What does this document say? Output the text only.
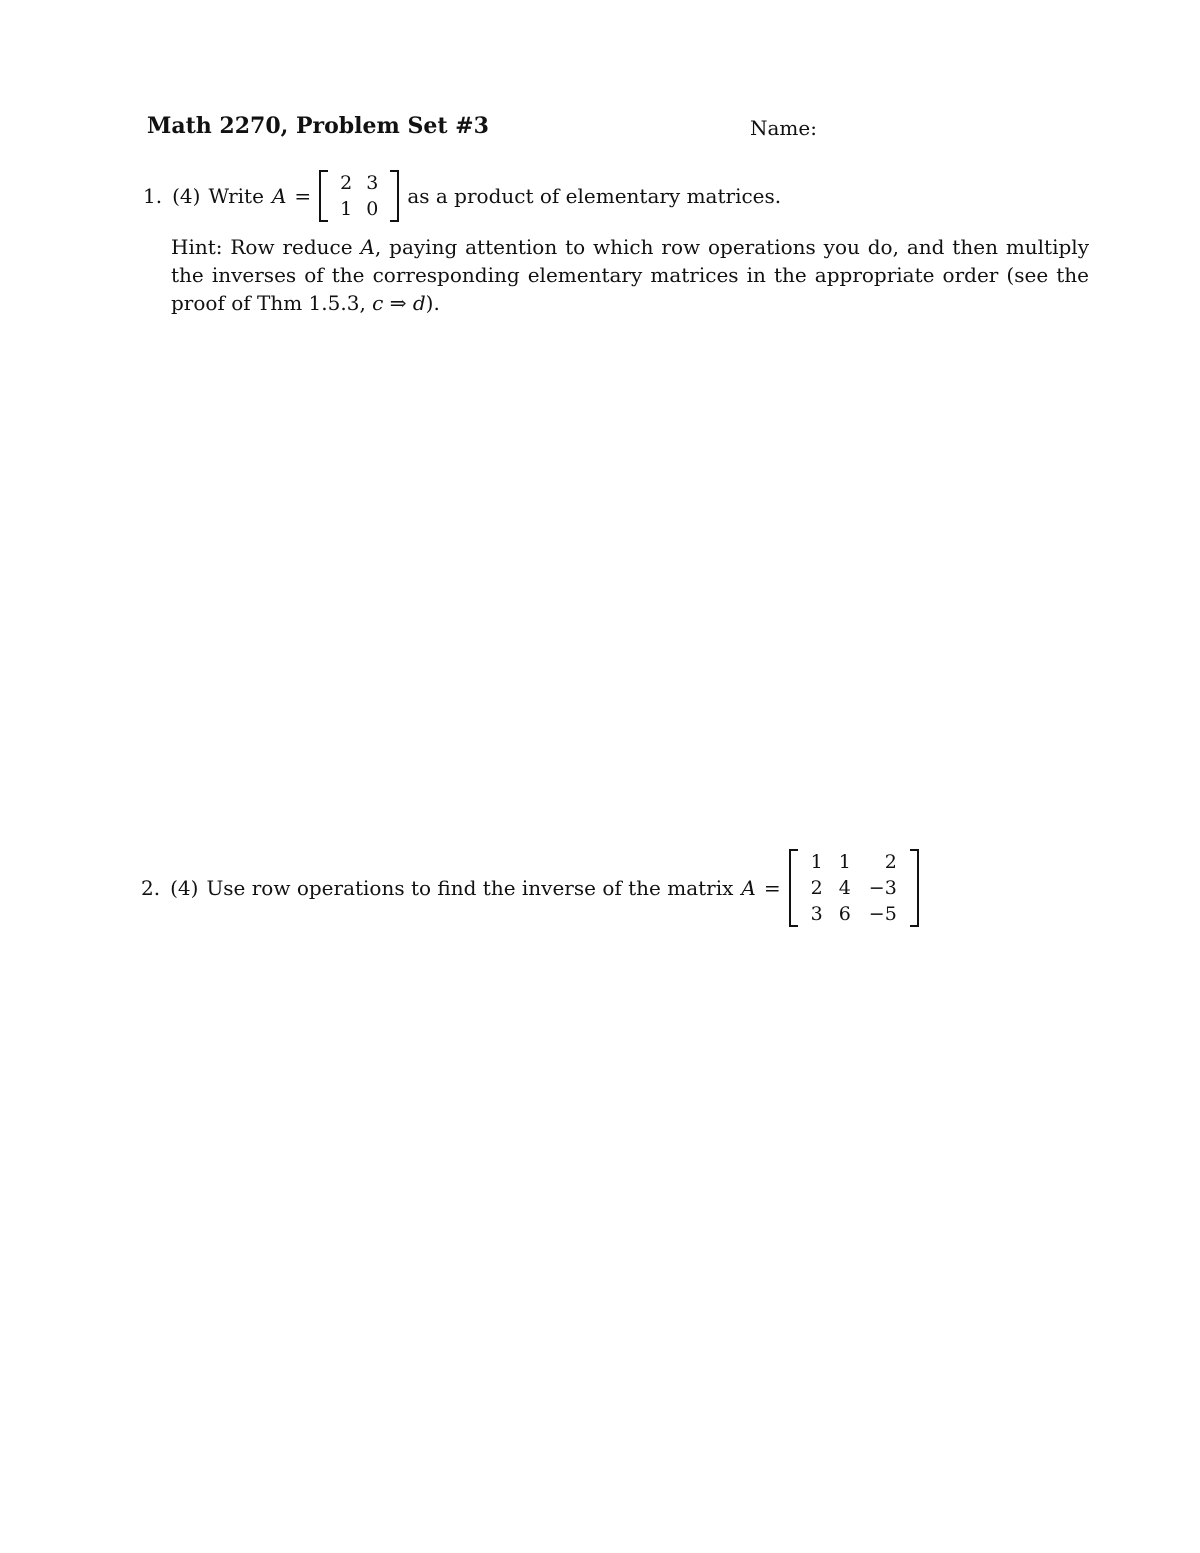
Math 2270, Problem Set #3	Name:
1. (4) Write A =
2	3
1	0
as a product of elementary matrices.
Hint: Row reduce A, paying attention to which row operations you do, and then multiply the inverses of the corresponding elementary matrices in the appropriate order (see the proof of Thm 1.5.3, c ⇒ d).
2. (4) Use row operations to find the inverse of the matrix A =
1	1	2
2	4	−3
3	6	−5
